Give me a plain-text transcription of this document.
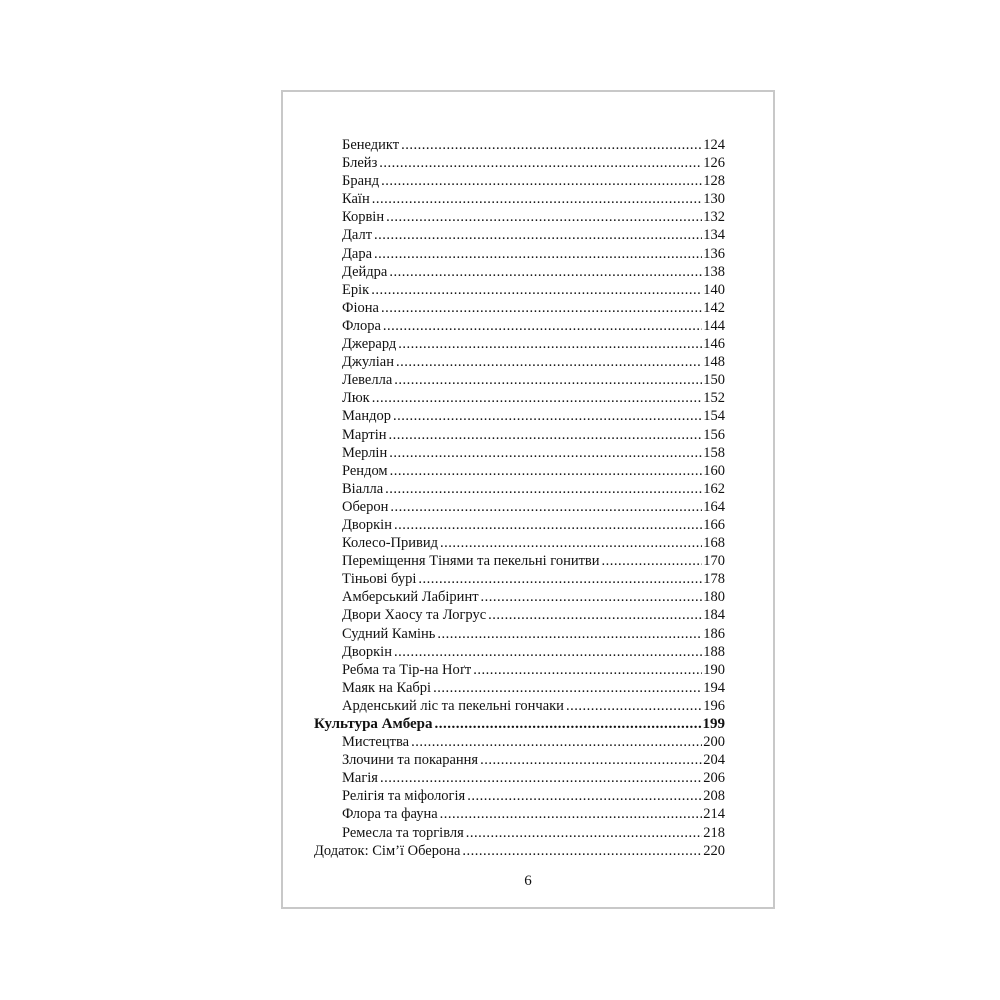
Бенедикт .....	124
Блейз .....	126
Бранд .....	128
Каїн .....	130
Корвін .....	132
Далт .....	134
Дара .....	136
Дейдра .....	138
Ерік .....	140
Фіона .....	142
Флора .....	144
Джерард .....	146
Джуліан .....	148
Левелла .....	150
Люк .....	152
Мандор .....	154
Мартін .....	156
Мерлін .....	158
Рендом .....	160
Віалла .....	162
Оберон .....	164
Дворкін .....	166
Колесо-Привид .....	168
Переміщення Тінями та пекельні гонитви .....	170
Тіньові бурі .....	178
Амберський Лабіринт .....	180
Двори Хаосу та Логрус .....	184
Судний Камінь .....	186
Дворкін .....	188
Ребма та Тір-на Ноґт .....	190
Маяк на Кабрі .....	194
Арденський ліс та пекельні гончаки .....	196
Культура Амбера .....	199
Мистецтва .....	200
Злочини та покарання .....	204
Магія .....	206
Релігія та міфологія .....	208
Флора та фауна .....	214
Ремесла та торгівля .....	218
Додаток: Сім’ї Оберона .....	220
6
